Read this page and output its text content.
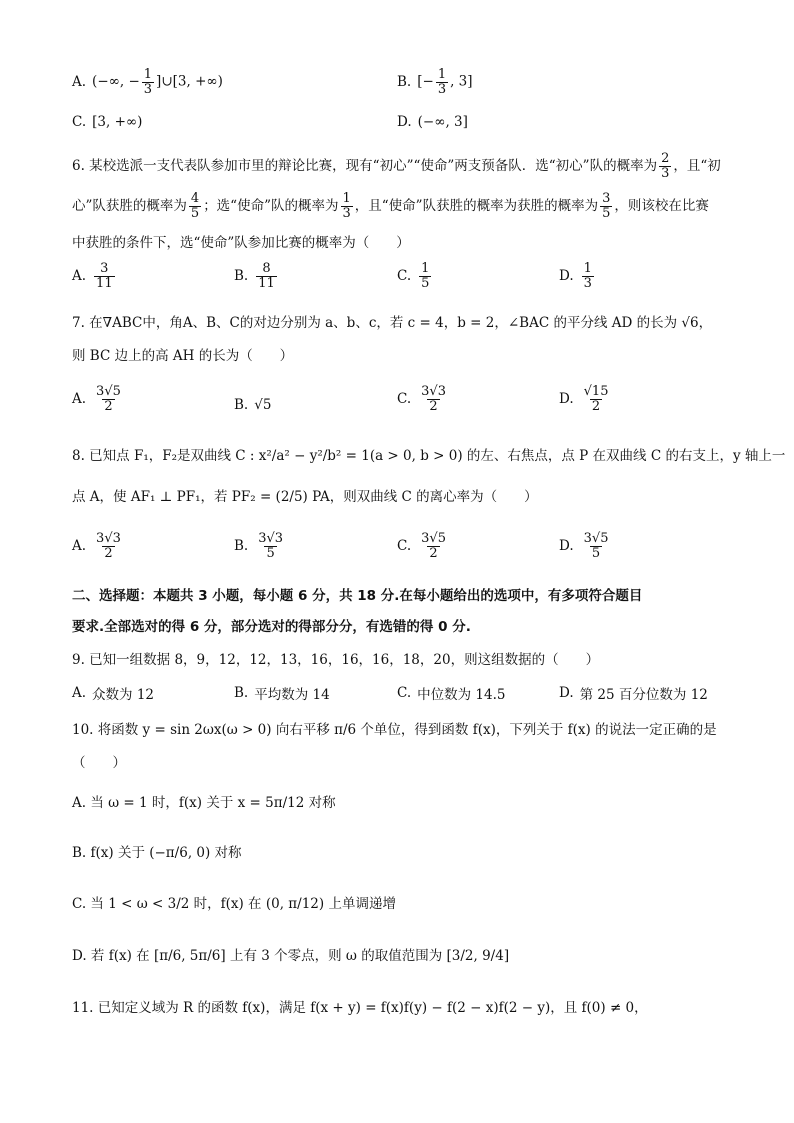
A. (−∞, − $\frac{1}{3}$ ]∪[3, +∞)	B. [− $\frac{1}{3}$ , 3]
C. [3, +∞)	D. (−∞, 3]
6. 某校选派一支代表队参加市里的辩论比赛，现有“初心”“使命”两支预备队．选“初心”队的概率为 $\frac{2}{3}$ ，且“初
心”队获胜的概率为 $\frac{4}{5}$ ；选“使命”队的概率为 $\frac{1}{3}$ ，且“使命”队获胜的概率为获胜的概率为 $\frac{3}{5}$ ，则该校在比赛
中获胜的条件下，选“使命”队参加比赛的概率为（　　）
A. $\frac{3}{11}$	B. $\frac{8}{11}$	C. $\frac{1}{5}$	D. $\frac{1}{3}$
7. 在∇ABC中，角A、B、C的对边分别为 a、b、c，若 c = 4，b = 2，∠BAC 的平分线 AD 的长为 √6，
则 BC 边上的高 AH 的长为（　　）
A. $\frac{3√5}{2}$	B. √5	C. $\frac{3√3}{2}$	D. $\frac{√15}{2}$
8. 已知点 F₁，F₂是双曲线 C : x²/a² − y²/b² = 1(a > 0, b > 0) 的左、右焦点，点 P 在双曲线 C 的右支上，y 轴上一
点 A，使 AF₁ ⊥ PF₁，若 PF₂ = (2/5) PA，则双曲线 C 的离心率为（　　）
A. $\frac{3√3}{2}$	B. $\frac{3√3}{5}$	C. $\frac{3√5}{2}$	D. $\frac{3√5}{5}$
二、选择题：本题共 3 小题，每小题 6 分，共 18 分.在每小题给出的选项中，有多项符合题目
要求.全部选对的得 6 分，部分选对的得部分分，有选错的得 0 分.
9. 已知一组数据 8，9，12，12，13，16，16，16，18，20，则这组数据的（　　）
A. 众数为 12	B. 平均数为 14	C. 中位数为 14.5	D. 第 25 百分位数为 12
10. 将函数 y = sin 2ωx(ω > 0) 向右平移 π/6 个单位，得到函数 f(x)，下列关于 f(x) 的说法一定正确的是
（　　）
A. 当 ω = 1 时，f(x) 关于 x = 5π/12 对称
B. f(x) 关于 (−π/6, 0) 对称
C. 当 1 < ω < 3/2 时，f(x) 在 (0, π/12) 上单调递增
D. 若 f(x) 在 [π/6, 5π/6] 上有 3 个零点，则 ω 的取值范围为 [3/2, 9/4]
11. 已知定义域为 R 的函数 f(x)，满足 f(x + y) = f(x)f(y) − f(2 − x)f(2 − y)，且 f(0) ≠ 0，
